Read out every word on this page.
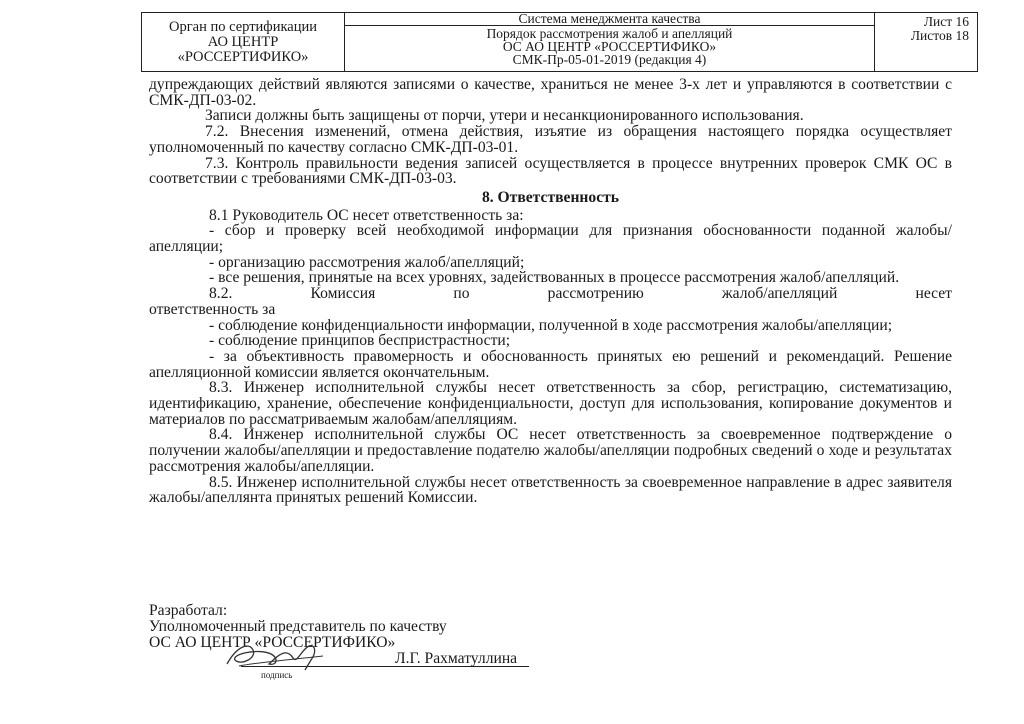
Орган по сертификации
АО ЦЕНТР
«РОССЕРТИФИКО»
Система менеджмента качества
Порядок рассмотрения жалоб и апелляций
ОС АО ЦЕНТР «РОССЕРТИФИКО»
СМК-Пр-05-01-2019 (редакция 4)
Лист 16
Листов 18

дупреждающих действий являются записями о качестве, храниться не менее 3-х лет и управляются в соответствии с СМК-ДП-03-02.

Записи должны быть защищены от порчи, утери и несанкционированного использования.

7.2. Внесения изменений, отмена действия, изъятие из обращения настоящего порядка осуществляет уполномоченный по качеству согласно СМК-ДП-03-01.

7.3. Контроль правильности ведения записей осуществляется в процессе внутренних проверок СМК ОС в соответствии с требованиями СМК-ДП-03-03.

8. Ответственность

8.1 Руководитель ОС несет ответственность за:

- сбор и проверку всей необходимой информации для признания обоснованности поданной жалобы/апелляции;

- организацию рассмотрения жалоб/апелляций;

- все решения, принятые на всех уровнях, задействованных в процессе рассмотрения жалоб/апелляций.

8.2. Комиссия по рассмотрению жалоб/апелляций несет

ответственность за

- соблюдение конфиденциальности информации, полученной в ходе рассмотрения жалобы/апелляции;

- соблюдение принципов беспристрастности;

- за объективность правомерность и обоснованность принятых ею решений и рекомендаций. Решение апелляционной комиссии является окончательным.

8.3. Инженер исполнительной службы несет ответственность за сбор, регистрацию, систематизацию, идентификацию, хранение, обеспечение конфиденциальности, доступ для использования, копирование документов и материалов по рассматриваемым жалобам/апелляциям.

8.4. Инженер исполнительной службы ОС несет ответственность за своевременное подтверждение о получении жалобы/апелляции и предоставление подателю жалобы/апелляции подробных сведений о ходе и результатах рассмотрения жалобы/апелляции.

8.5. Инженер исполнительной службы несет ответственность за своевременное направление в адрес заявителя жалобы/апеллянта принятых решений Комиссии.

Разработал:
Уполномоченный представитель по качеству
ОС АО ЦЕНТР «РОССЕРТИФИКО»
подпись
Л.Г. Рахматуллина
